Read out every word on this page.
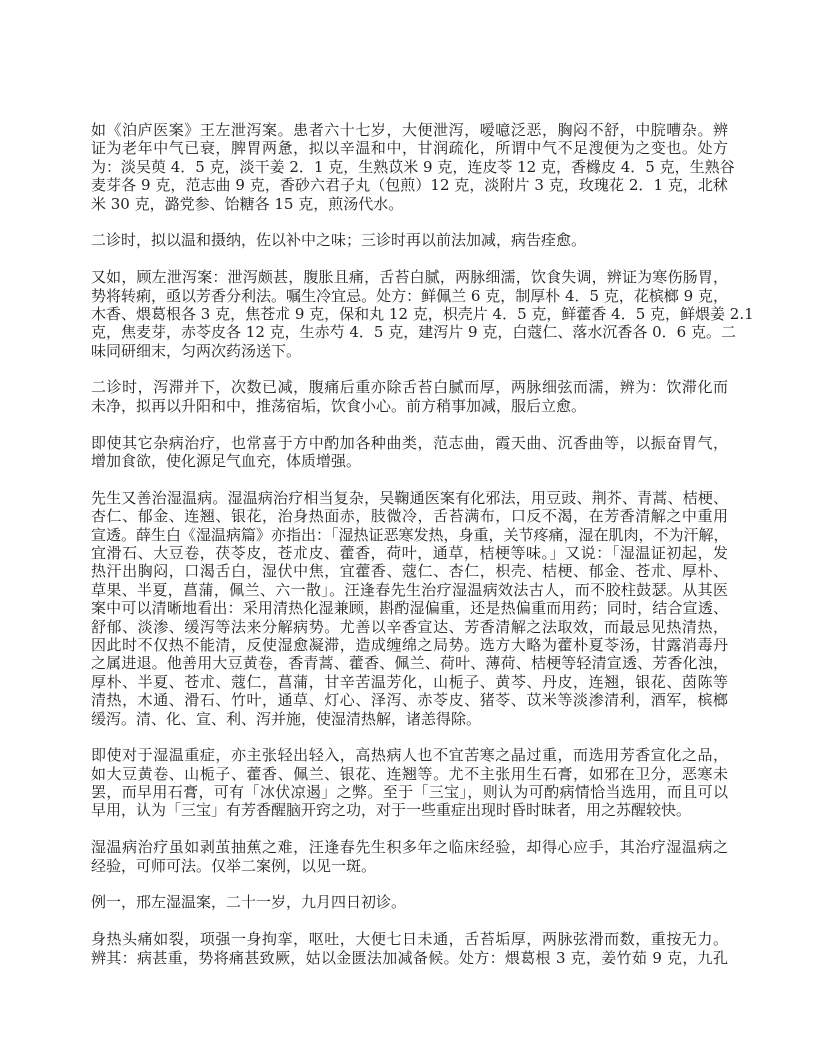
如《泊庐医案》王左泄泻案。患者六十七岁，大便泄泻，嗳噫泛恶，胸闷不舒，中脘嘈杂。辨
证为老年中气已衰，脾胃两惫，拟以辛温和中，甘润疏化，所谓中气不足溲便为之变也。处方
为：淡吴萸 4．5 克，淡干姜 2．1 克，生熟苡米 9 克，连皮苓 12 克，香橼皮 4．5 克，生熟谷
麦芽各 9 克，范志曲 9 克，香砂六君子丸（包煎）12 克，淡附片 3 克，玫瑰花 2．1 克，北秫
米 30 克，潞党参、饴糖各 15 克，煎汤代水。
二诊时，拟以温和摄纳，佐以补中之味；三诊时再以前法加减，病告痊愈。
又如，顾左泄泻案：泄泻颇甚，腹胀且痛，舌苔白腻，两脉细濡，饮食失调，辨证为寒伤肠胃，
势将转痢，亟以芳香分利法。嘱生冷宜忌。处方：鲜佩兰 6 克，制厚朴 4．5 克，花槟榔 9 克，
木香、煨葛根各 3 克，焦苍朮 9 克，保和丸 12 克，枳壳片 4．5 克，鲜藿香 4．5 克，鲜煨姜 2.1
克，焦麦芽，赤苓皮各 12 克，生赤芍 4．5 克，建泻片 9 克，白蔻仁、落水沉香各 0．6 克。二
味同研细末，匀两次药汤送下。
二诊时，泻滞并下，次数已减，腹痛后重亦除舌苔白腻而厚，两脉细弦而濡，辨为：饮滞化而
未净，拟再以升阳和中，推荡宿垢，饮食小心。前方稍事加减，服后立愈。
即使其它杂病治疗，也常喜于方中酌加各种曲类，范志曲，霞天曲、沉香曲等，以振奋胃气，
增加食欲，使化源足气血充，体质增强。
先生又善治湿温病。湿温病治疗相当复杂，吴鞠通医案有化邪法，用豆豉、荆芥、青蒿、桔梗、
杏仁、郁金、连翘、银花，治身热面赤，肢微冷，舌苔满布，口反不渴，在芳香清解之中重用
宣透。薛生白《湿温病篇》亦指出：「湿热证恶寒发热，身重，关节疼痛，湿在肌肉，不为汗解，
宜滑石、大豆卷，茯苓皮，苍朮皮、藿香，荷叶，通草，桔梗等味。」又说：「湿温证初起，发
热汗出胸闷，口渴舌白，湿伏中焦，宜藿香、蔻仁、杏仁，枳壳、桔梗、郁金、苍朮、厚朴、
草果、半夏，菖蒲，佩兰、六一散」。汪逢春先生治疗湿温病效法古人，而不胶柱鼓瑟。从其医
案中可以清晰地看出：采用清热化湿兼顾，斟酌湿偏重，还是热偏重而用药；同时，结合宣透、
舒郁、淡渗、缓泻等法来分解病势。尤善以辛香宣达、芳香清解之法取效，而最忌见热清热，
因此时不仅热不能清，反使湿愈凝滞，造成缠绵之局势。选方大略为藿朴夏苓汤，甘露消毒丹
之属进退。他善用大豆黄卷，香青蒿、藿香、佩兰、荷叶、薄荷、桔梗等轻清宣透、芳香化浊，
厚朴、半夏、苍朮、蔻仁，菖蒲，甘辛苦温芳化，山栀子、黄芩、丹皮，连翘，银花、茵陈等
清热，木通、滑石、竹叶，通草、灯心、泽泻、赤苓皮、猪苓、苡米等淡渗清利，酒军，槟榔
缓泻。清、化、宣、利、泻并施，使湿清热解，诸恙得除。
即使对于湿温重症，亦主张轻出轻入，高热病人也不宜苦寒之晶过重，而选用芳香宣化之品，
如大豆黄卷、山栀子、藿香、佩兰、银花、连翘等。尤不主张用生石膏，如邪在卫分，恶寒未
罢，而早用石膏，可有「冰伏凉遏」之弊。至于「三宝」，则认为可酌病情恰当选用，而且可以
早用，认为「三宝」有芳香醒脑开窍之功，对于一些重症出现时昏时昧者，用之苏醒较快。
湿温病治疗虽如剥茧抽蕉之难，汪逢春先生积多年之临床经验，却得心应手，其治疗湿温病之
经验，可师可法。仅举二案例，以见一斑。
例一，邢左湿温案，二十一岁，九月四日初诊。
身热头痛如裂，项强一身拘挛，呕吐，大便七日未通，舌苔垢厚，两脉弦滑而数，重按无力。
辨其：病甚重，势将痛甚致厥，姑以金匮法加减备候。处方：煨葛根 3 克，姜竹茹 9 克，九孔
